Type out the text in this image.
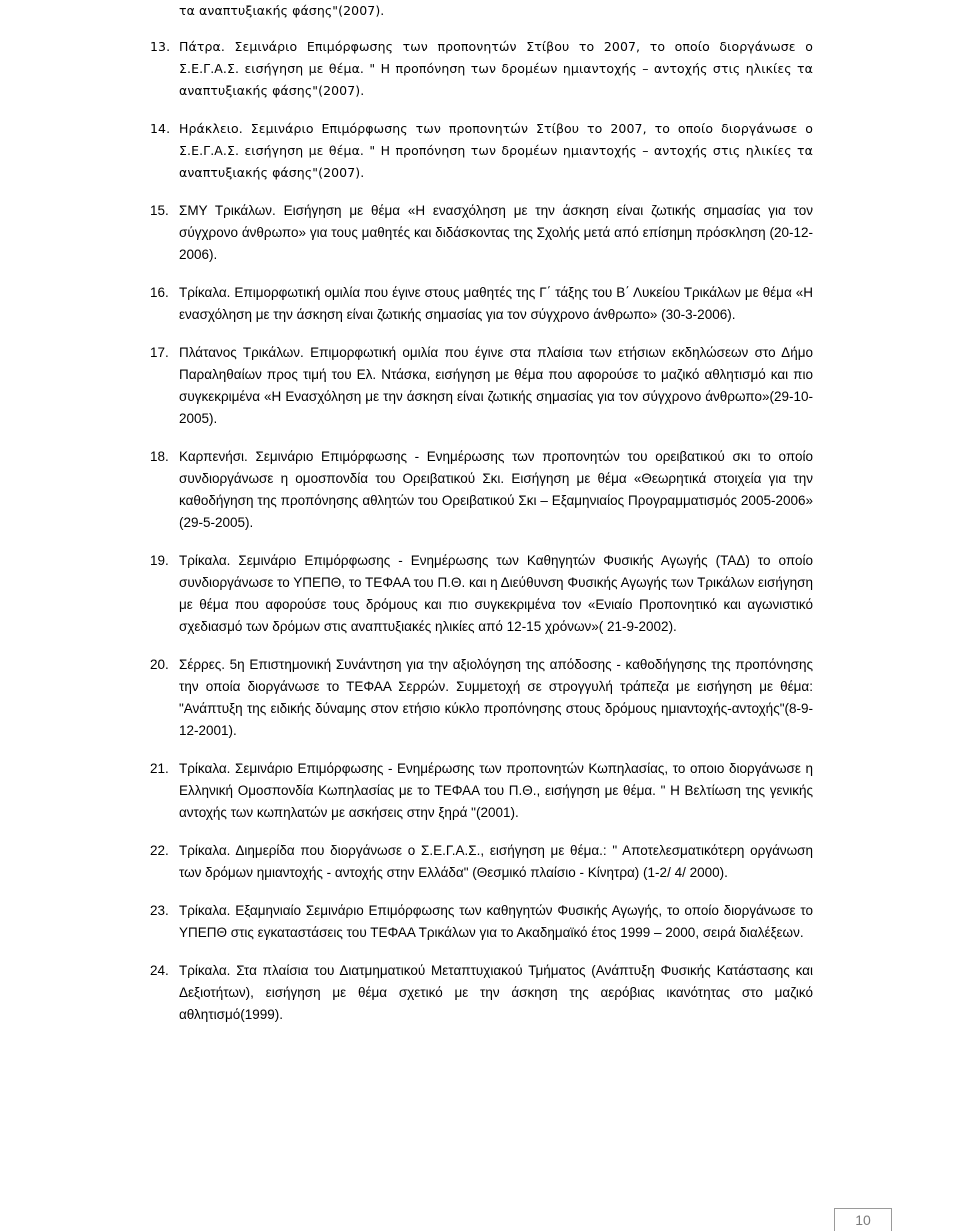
τα αναπτυξιακής φάσης"(2007).
13. Πάτρα. Σεμινάριο Επιμόρφωσης των προπονητών Στίβου το 2007, το οποίο διοργάνωσε ο Σ.Ε.Γ.Α.Σ. εισήγηση με θέμα. " Η προπόνηση των δρομέων ημιαντοχής – αντοχής στις ηλικίες τα αναπτυξιακής φάσης"(2007).
14. Ηράκλειο. Σεμινάριο Επιμόρφωσης των προπονητών Στίβου το 2007, το οποίο διοργάνωσε ο Σ.Ε.Γ.Α.Σ. εισήγηση με θέμα. " Η προπόνηση των δρομέων ημιαντοχής – αντοχής στις ηλικίες τα αναπτυξιακής φάσης"(2007).
15. ΣΜΥ Τρικάλων. Εισήγηση με θέμα «Η ενασχόληση με την άσκηση είναι ζωτικής σημασίας για τον σύγχρονο άνθρωπο» για τους μαθητές και διδάσκοντας της Σχολής μετά από επίσημη πρόσκληση (20-12-2006).
16. Τρίκαλα. Επιμορφωτική ομιλία που έγινε στους μαθητές της Γ΄ τάξης του Β΄ Λυκείου Τρικάλων με θέμα «Η ενασχόληση με την άσκηση είναι ζωτικής σημασίας για τον σύγχρονο άνθρωπο» (30-3-2006).
17. Πλάτανος Τρικάλων. Επιμορφωτική ομιλία που έγινε στα πλαίσια των ετήσιων εκδηλώσεων στο Δήμο Παραληθαίων προς τιμή του Ελ. Ντάσκα, εισήγηση με θέμα που αφορούσε το μαζικό αθλητισμό και πιο συγκεκριμένα «Η Ενασχόληση με την άσκηση είναι ζωτικής σημασίας για τον σύγχρονο άνθρωπο»(29-10-2005).
18. Καρπενήσι. Σεμινάριο Επιμόρφωσης - Ενημέρωσης των προπονητών του ορειβατικού σκι το οποίο συνδιοργάνωσε η ομοσπονδία του Ορειβατικού Σκι. Εισήγηση με θέμα «Θεωρητικά στοιχεία για την καθοδήγηση της προπόνησης αθλητών του Ορειβατικού Σκι – Εξαμηνιαίος Προγραμματισμός 2005-2006» (29-5-2005).
19. Τρίκαλα. Σεμινάριο Επιμόρφωσης - Ενημέρωσης των Καθηγητών Φυσικής Αγωγής (ΤΑΔ) το οποίο συνδιοργάνωσε το ΥΠΕΠΘ, το ΤΕΦΑΑ του Π.Θ. και η Διεύθυνση Φυσικής Αγωγής των Τρικάλων εισήγηση με θέμα που αφορούσε τους δρόμους και πιο συγκεκριμένα τον «Ενιαίο Προπονητικό και αγωνιστικό σχεδιασμό των δρόμων στις αναπτυξιακές ηλικίες από 12-15 χρόνων»( 21-9-2002).
20. Σέρρες. 5η Επιστημονική Συνάντηση για την αξιολόγηση της απόδοσης - καθοδήγησης της προπόνησης την οποία διοργάνωσε το ΤΕΦΑΑ Σερρών. Συμμετοχή σε στρογγυλή τράπεζα με εισήγηση με θέμα: "Ανάπτυξη της ειδικής δύναμης στον ετήσιο κύκλο προπόνησης στους δρόμους ημιαντοχής-αντοχής"(8-9-12-2001).
21. Τρίκαλα. Σεμινάριο Επιμόρφωσης - Ενημέρωσης των προπονητών Κωπηλασίας, το οποιο διοργάνωσε η Ελληνική Ομοσπονδία Κωπηλασίας με το ΤΕΦΑΑ του Π.Θ., εισήγηση με θέμα. " Η Βελτίωση της γενικής αντοχής των κωπηλατών με ασκήσεις στην ξηρά "(2001).
22. Τρίκαλα. Διημερίδα που διοργάνωσε ο Σ.Ε.Γ.Α.Σ., εισήγηση με θέμα.: " Αποτελεσματικότερη οργάνωση των δρόμων ημιαντοχής - αντοχής στην Ελλάδα" (Θεσμικό πλαίσιο - Κίνητρα) (1-2/ 4/ 2000).
23. Τρίκαλα. Εξαμηνιαίο Σεμινάριο Επιμόρφωσης των καθηγητών Φυσικής Αγωγής, το οποίο διοργάνωσε το ΥΠΕΠΘ στις εγκαταστάσεις του ΤΕΦΑΑ Τρικάλων για το Ακαδημαϊκό έτος 1999 – 2000, σειρά διαλέξεων.
24. Τρίκαλα. Στα πλαίσια του Διατμηματικού Μεταπτυχιακού Τμήματος (Ανάπτυξη Φυσικής Κατάστασης και Δεξιοτήτων), εισήγηση με θέμα σχετικό με την άσκηση της αερόβιας ικανότητας στο μαζικό αθλητισμό(1999).
10
